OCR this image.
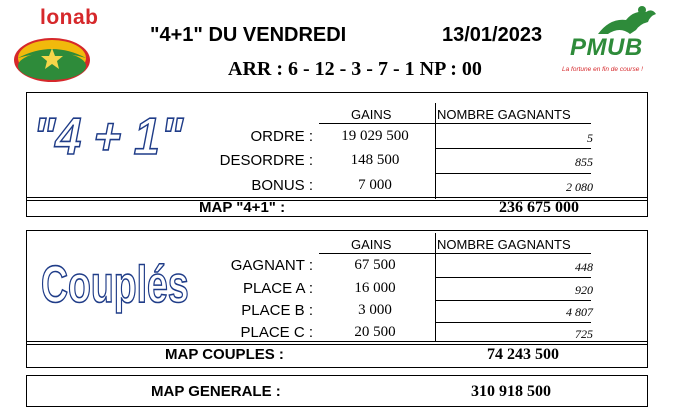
lonab
"4+1" DU VENDREDI	13/01/2023
ARR : 6 - 12 - 3 - 7 - 1 NP : 00
PMUB
La fortune en fin de course !
"4 + 1"	GAINS	NOMBRE GAGNANTS
ORDRE :	19 029 500	5
DESORDRE :	148 500	855
BONUS :	7 000	2 080
MAP "4+1" :	236 675 000
Couplés
GAINS	NOMBRE GAGNANTS
GAGNANT :	67 500	448
PLACE A :	16 000	920
PLACE B :	3 000	4 807
PLACE C :	20 500	725
MAP COUPLES :	74 243 500
MAP GENERALE :	310 918 500
